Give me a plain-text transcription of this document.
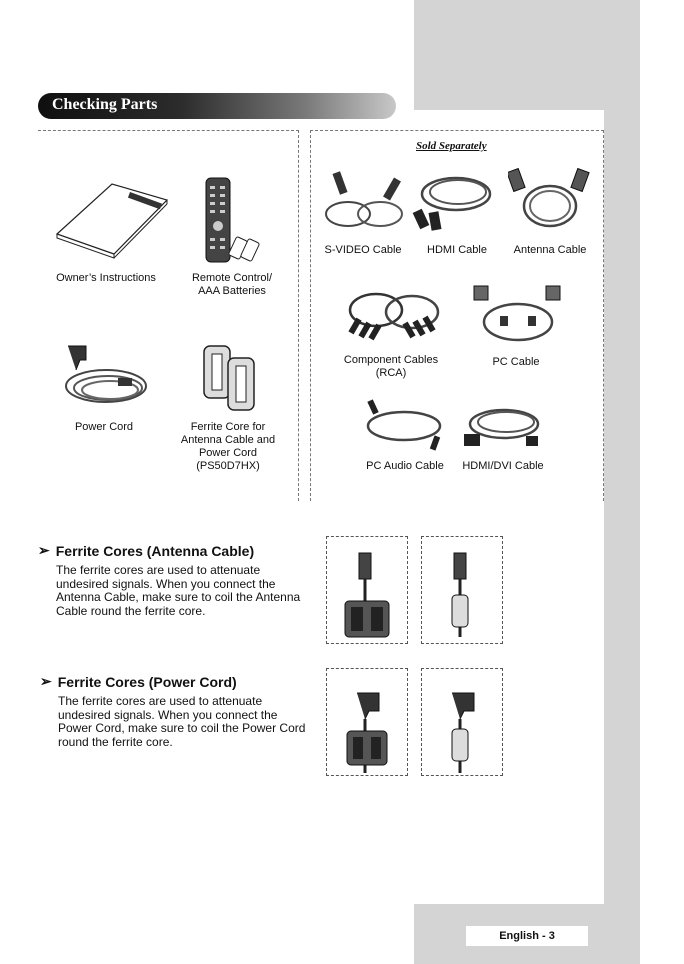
English - 3
Checking Parts
Sold Separately
Owner’s Instructions	Remote Control/
AAA Batteries
Power Cord	Ferrite Core for
Antenna Cable and
Power Cord
(PS50D7HX)
S-VIDEO Cable	HDMI Cable	Antenna Cable
Component Cables
(RCA)
PC Cable
PC Audio Cable	HDMI/DVI Cable
➢ Ferrite Cores (Antenna Cable)
The ferrite cores are used to attenuate undesired signals. When you connect the Antenna Cable, make sure to coil the Antenna Cable round the ferrite core.
➢ Ferrite Cores (Power Cord)
The ferrite cores are used to attenuate undesired signals. When you connect the Power Cord, make sure to coil the Power Cord round the ferrite core.
